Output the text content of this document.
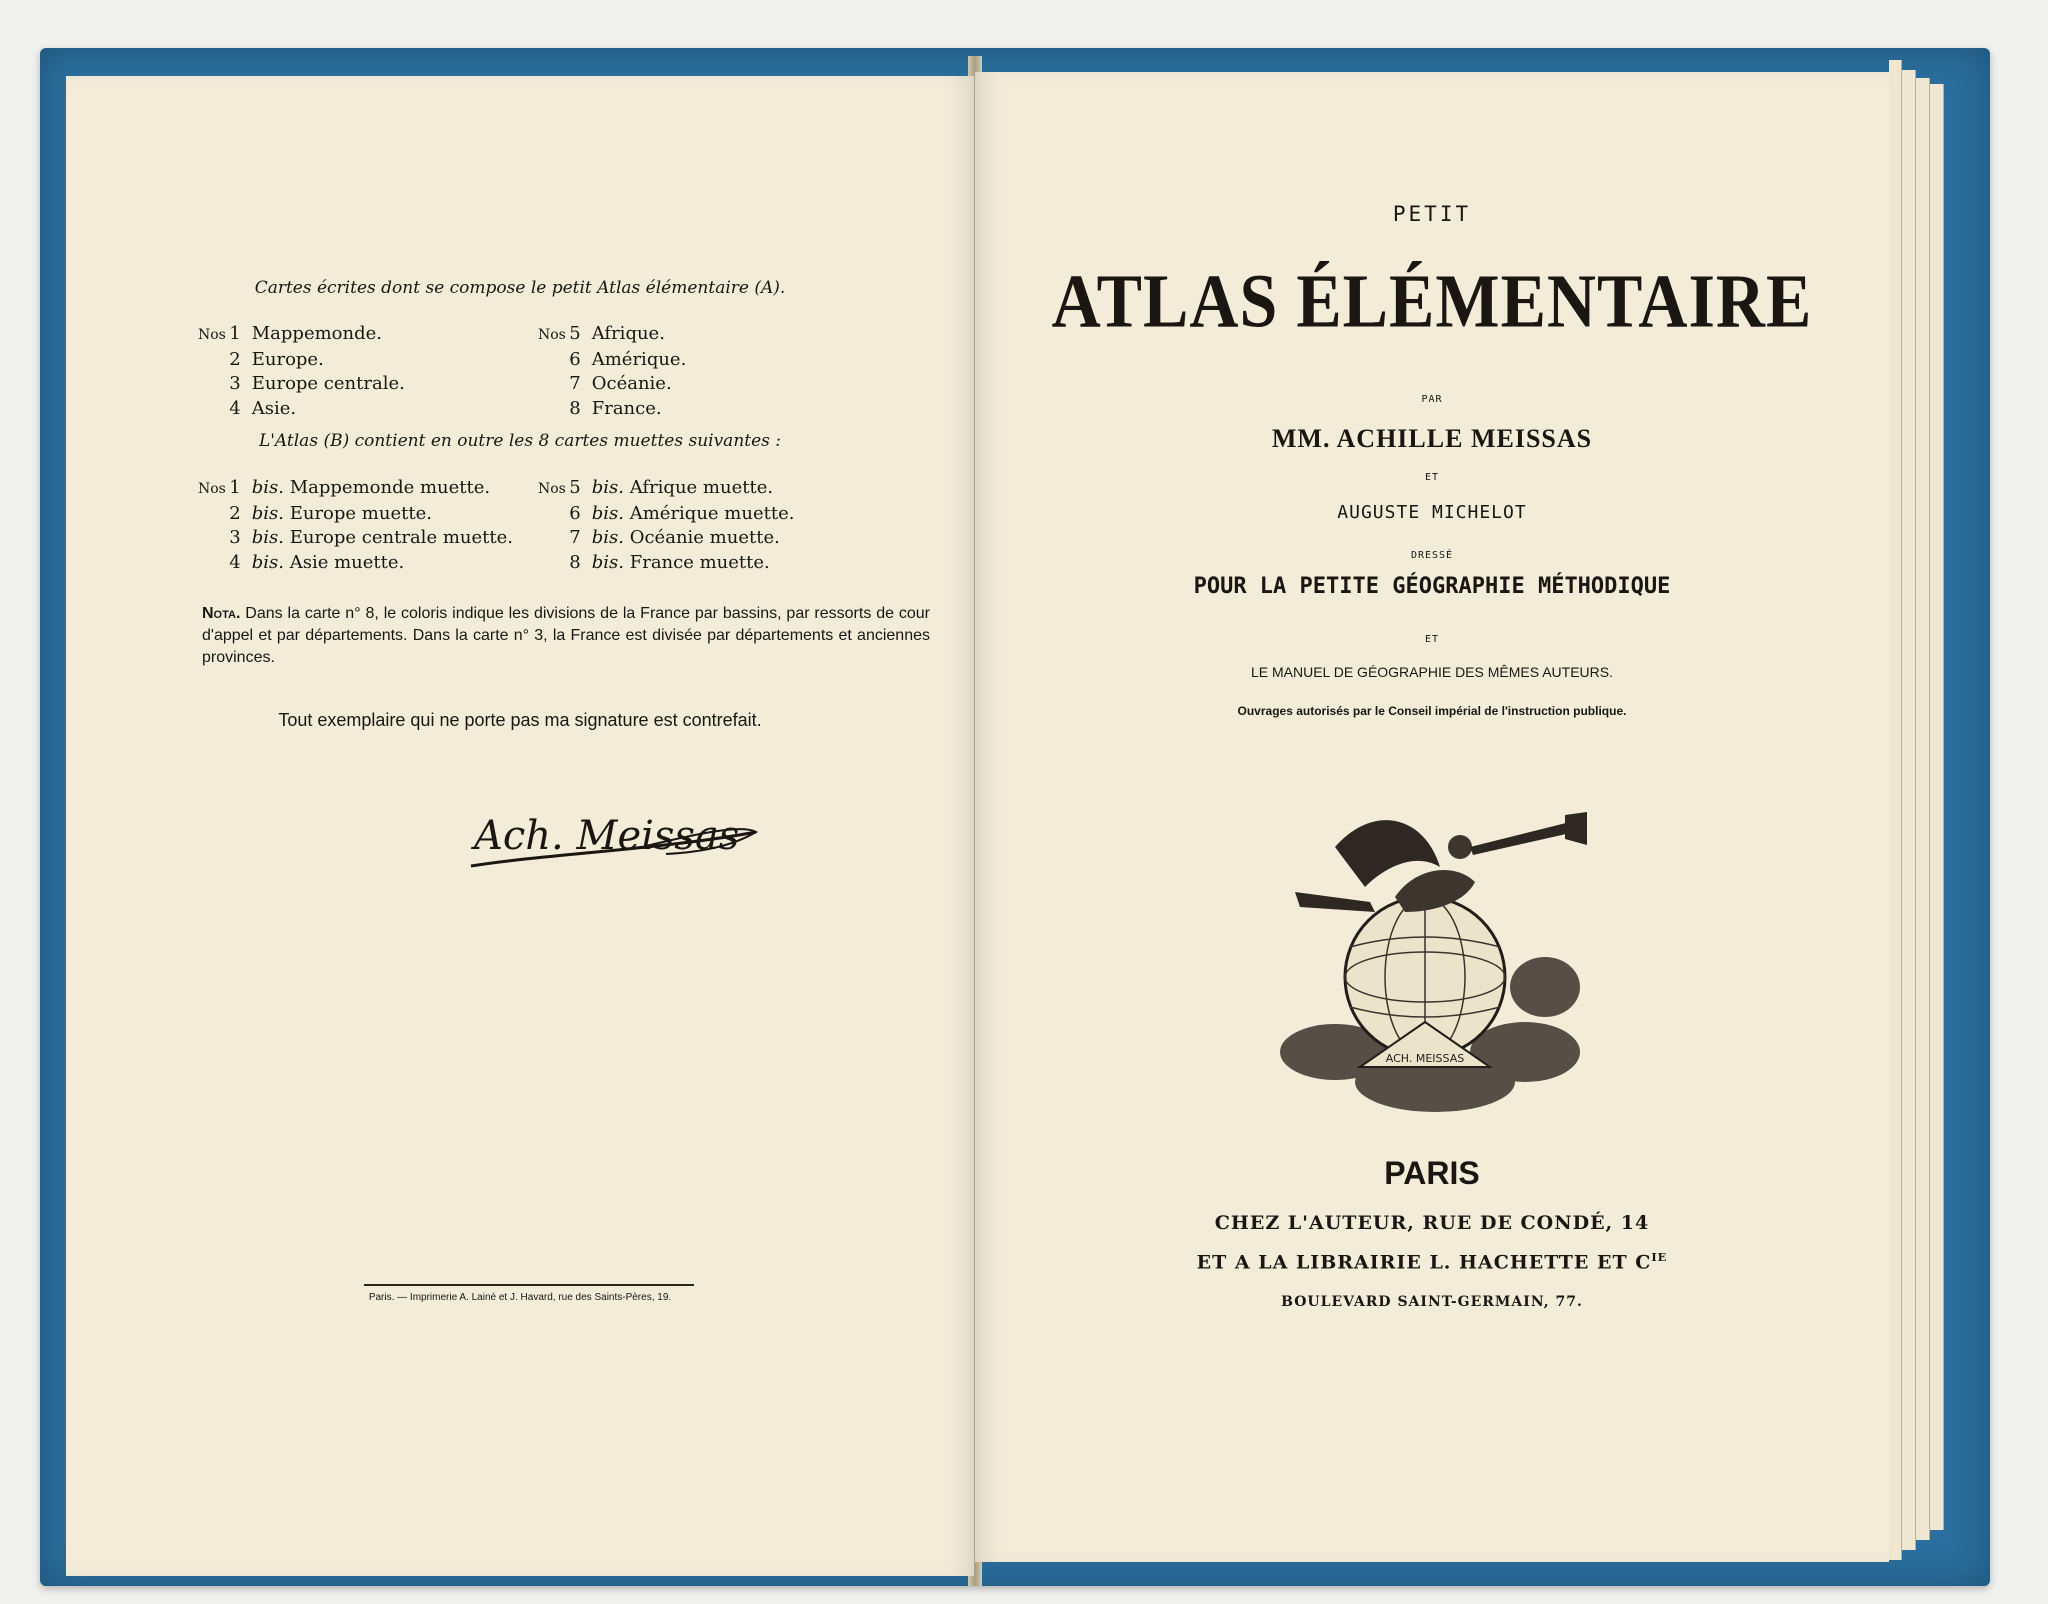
Cartes écrites dont se compose le petit Atlas élémentaire (A).
Nos 1 Mappemonde.
2 Europe.
3 Europe centrale.
4 Asie.
Nos 5 Afrique.
6 Amérique.
7 Océanie.
8 France.
L'Atlas (B) contient en outre les 8 cartes muettes suivantes :
Nos 1 bis. Mappemonde muette.
2 bis. Europe muette.
3 bis. Europe centrale muette.
4 bis. Asie muette.
Nos 5 bis. Afrique muette.
6 bis. Amérique muette.
7 bis. Océanie muette.
8 bis. France muette.
Nota. Dans la carte n° 8, le coloris indique les divisions de la France par bassins, par ressorts de cour d'appel et par départements. Dans la carte n° 3, la France est divisée par départements et anciennes provinces.
Tout exemplaire qui ne porte pas ma signature est contrefait.
Ach. Meissas
Paris. — Imprimerie A. Lainé et J. Havard, rue des Saints-Pères, 19.
PETIT
ATLAS ÉLÉMENTAIRE
PAR
MM. ACHILLE MEISSAS
ET
AUGUSTE MICHELOT
DRESSÉ
POUR LA PETITE GÉOGRAPHIE MÉTHODIQUE
ET
LE MANUEL DE GÉOGRAPHIE DES MÊMES AUTEURS.
Ouvrages autorisés par le Conseil impérial de l'instruction publique.
ACH. MEISSAS
PARIS
CHEZ L'AUTEUR, RUE DE CONDÉ, 14
ET A LA LIBRAIRIE L. HACHETTE ET $C^{IE}$
BOULEVARD SAINT-GERMAIN, 77.
